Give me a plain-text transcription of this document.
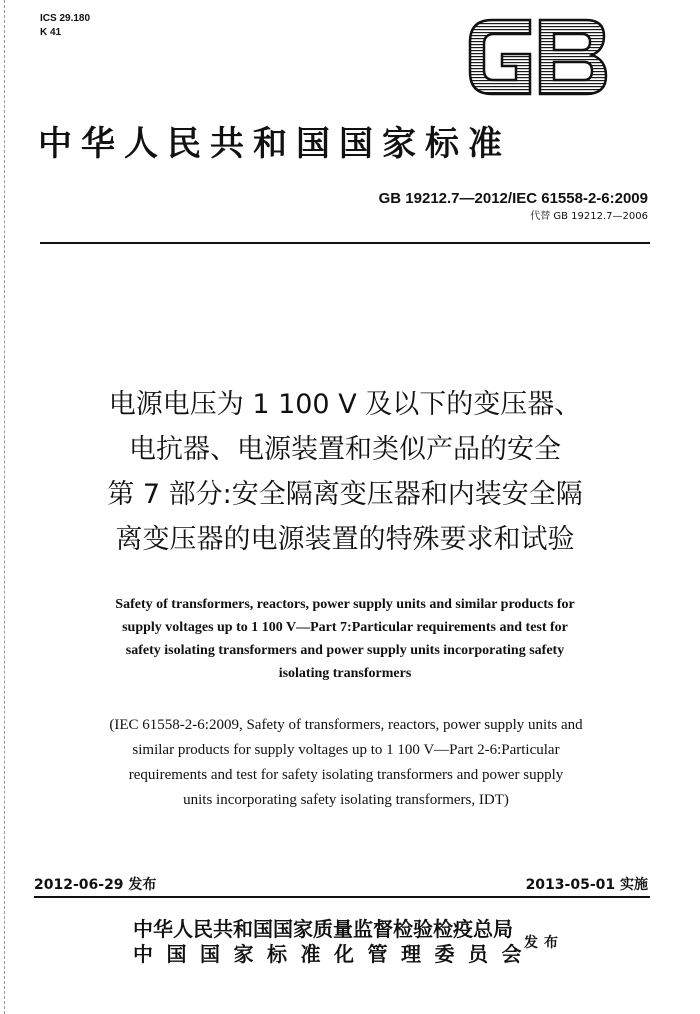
ICS 29.180
K 41
中华人民共和国国家标准
GB 19212.7—2012/IEC 61558-2-6:2009
代替 GB 19212.7—2006
电源电压为 1 100 V 及以下的变压器、
电抗器、电源装置和类似产品的安全
第 7 部分:安全隔离变压器和内装安全隔
离变压器的电源装置的特殊要求和试验
Safety of transformers, reactors, power supply units and similar products for
supply voltages up to 1 100 V—Part 7:Particular requirements and test for
safety isolating transformers and power supply units incorporating safety
isolating transformers
(IEC 61558-2-6:2009, Safety of transformers, reactors, power supply units and
similar products for supply voltages up to 1 100 V—Part 2-6:Particular
requirements and test for safety isolating transformers and power supply
units incorporating safety isolating transformers, IDT)
2012-06-29 发布	2013-05-01 实施
中华人民共和国国家质量监督检验检疫总局
中国国家标准化管理委员会
发布
